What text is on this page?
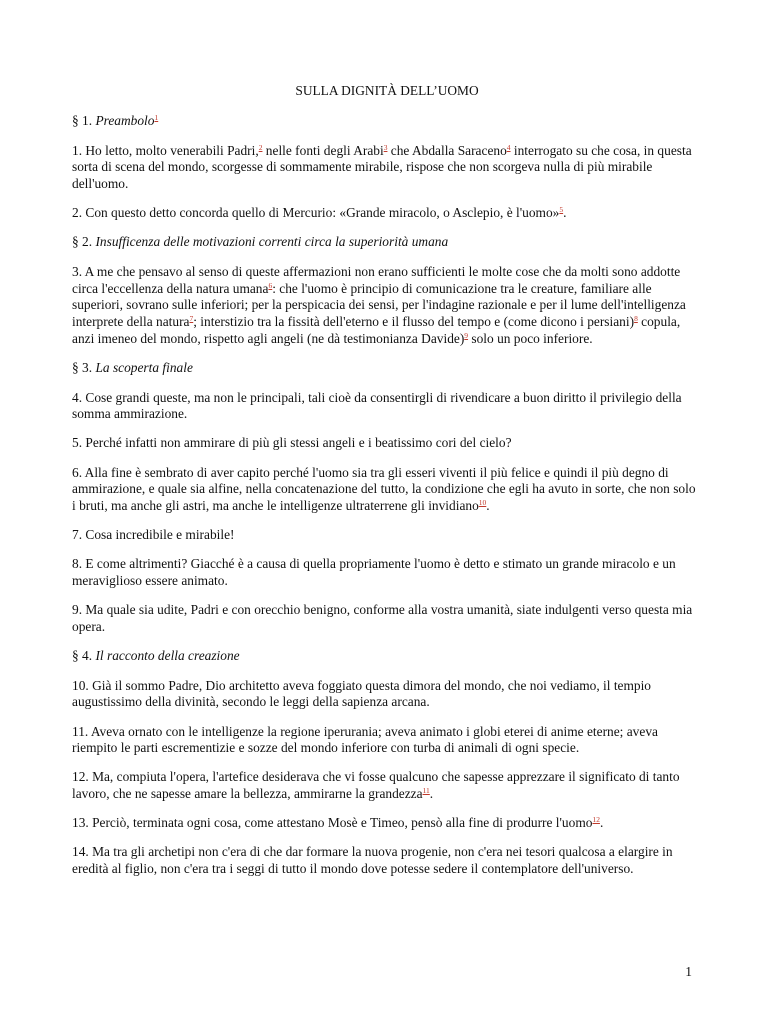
SULLA DIGNITÀ DELL’UOMO

§ 1. Preambolo$^1$

1. Ho letto, molto venerabili Padri,$^2$ nelle fonti degli Arabi$^3$ che Abdalla Saraceno$^4$ interrogato su che cosa, in questa sorta di scena del mondo, scorgesse di sommamente mirabile, rispose che non scorgeva nulla di più mirabile dell'uomo.

2. Con questo detto concorda quello di Mercurio: «Grande miracolo, o Asclepio, è l'uomo»$^5$.

§ 2. Insufficenza delle motivazioni correnti circa la superiorità umana

3. A me che pensavo al senso di queste affermazioni non erano sufficienti le molte cose che da molti sono addotte circa l'eccellenza della natura umana$^6$: che l'uomo è principio di comunicazione tra le creature, familiare alle superiori, sovrano sulle inferiori; per la perspicacia dei sensi, per l'indagine razionale e per il lume dell'intelligenza interprete della natura$^7$; interstizio tra la fissità dell'eterno e il flusso del tempo e (come dicono i persiani)$^8$ copula, anzi imeneo del mondo, rispetto agli angeli (ne dà testimonianza Davide)$^9$ solo un poco inferiore.

§ 3. La scoperta finale

4. Cose grandi queste, ma non le principali, tali cioè da consentirgli di rivendicare a buon diritto il privilegio della somma ammirazione.

5. Perché infatti non ammirare di più gli stessi angeli e i beatissimo cori del cielo?

6. Alla fine è sembrato di aver capito perché l'uomo sia tra gli esseri viventi il più felice e quindi il più degno di ammirazione, e quale sia alfine, nella concatenazione del tutto, la condizione che egli ha avuto in sorte, che non solo i bruti, ma anche gli astri, ma anche le intelligenze ultraterrene gli invidiano$^{10}$.

7. Cosa incredibile e mirabile!

8. E come altrimenti? Giacché è a causa di quella propriamente l'uomo è detto e stimato un grande miracolo e un meraviglioso essere animato.

9. Ma quale sia udite, Padri e con orecchio benigno, conforme alla vostra umanità, siate indulgenti verso questa mia opera.

§ 4. Il racconto della creazione

10. Già il sommo Padre, Dio architetto aveva foggiato questa dimora del mondo, che noi vediamo, il tempio augustissimo della divinità, secondo le leggi della sapienza arcana.

11. Aveva ornato con le intelligenze la regione iperurania; aveva animato i globi eterei di anime eterne; aveva riempito le parti escrementizie e sozze del mondo inferiore con turba di animali di ogni specie.

12. Ma, compiuta l'opera, l'artefice desiderava che vi fosse qualcuno che sapesse apprezzare il significato di tanto lavoro, che ne sapesse amare la bellezza, ammirarne la grandezza$^{11}$.

13. Perciò, terminata ogni cosa, come attestano Mosè e Timeo, pensò alla fine di produrre l'uomo$^{12}$.

14. Ma tra gli archetipi non c'era di che dar formare la nuova progenie, non c'era nei tesori qualcosa a elargire in eredità al figlio, non c'era tra i seggi di tutto il mondo dove potesse sedere il contemplatore dell'universo.

1
